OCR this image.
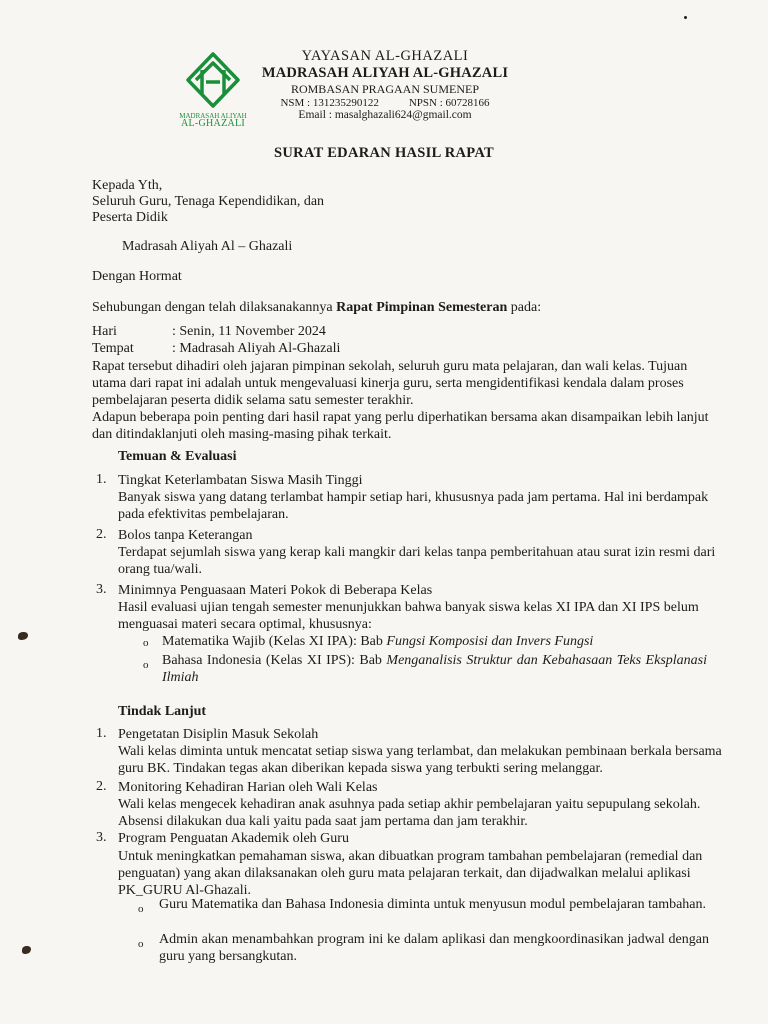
MADRASAH ALIYAH
AL-GHAZALI
YAYASAN AL-GHAZALI
MADRASAH ALIYAH AL-GHAZALI
ROMBASAN PRAGAAN SUMENEP
NSM : 131235290122	NPSN : 60728166
Email : masalghazali624@gmail.com
SURAT EDARAN HASIL RAPAT
Kepada Yth,
Seluruh Guru, Tenaga Kependidikan, dan
Peserta Didik
Madrasah Aliyah Al – Ghazali
Dengan Hormat
Sehubungan dengan telah dilaksanakannya Rapat Pimpinan Semesteran pada:
Hari	: Senin, 11 November 2024
Tempat	: Madrasah Aliyah Al-Ghazali
Rapat tersebut dihadiri oleh jajaran pimpinan sekolah, seluruh guru mata pelajaran, dan wali kelas. Tujuan utama dari rapat ini adalah untuk mengevaluasi kinerja guru, serta mengidentifikasi kendala dalam proses pembelajaran peserta didik selama satu semester terakhir.
Adapun beberapa poin penting dari hasil rapat yang perlu diperhatikan bersama akan disampaikan lebih lanjut dan ditindaklanjuti oleh masing-masing pihak terkait.
Temuan & Evaluasi
1. Tingkat Keterlambatan Siswa Masih Tinggi
Banyak siswa yang datang terlambat hampir setiap hari, khususnya pada jam pertama. Hal ini berdampak pada efektivitas pembelajaran.
2. Bolos tanpa Keterangan
Terdapat sejumlah siswa yang kerap kali mangkir dari kelas tanpa pemberitahuan atau surat izin resmi dari orang tua/wali.
3. Minimnya Penguasaan Materi Pokok di Beberapa Kelas
Hasil evaluasi ujian tengah semester menunjukkan bahwa banyak siswa kelas XI IPA dan XI IPS belum menguasai materi secara optimal, khususnya:
o Matematika Wajib (Kelas XI IPA): Bab Fungsi Komposisi dan Invers Fungsi
o Bahasa Indonesia (Kelas XI IPS): Bab Menganalisis Struktur dan Kebahasaan Teks Eksplanasi Ilmiah
Tindak Lanjut
1. Pengetatan Disiplin Masuk Sekolah
Wali kelas diminta untuk mencatat setiap siswa yang terlambat, dan melakukan pembinaan berkala bersama guru BK. Tindakan tegas akan diberikan kepada siswa yang terbukti sering melanggar.
2. Monitoring Kehadiran Harian oleh Wali Kelas
Wali kelas mengecek kehadiran anak asuhnya pada setiap akhir pembelajaran yaitu sepupulang sekolah. Absensi dilakukan dua kali yaitu pada saat jam pertama dan jam terakhir.
3. Program Penguatan Akademik oleh Guru
Untuk meningkatkan pemahaman siswa, akan dibuatkan program tambahan pembelajaran (remedial dan penguatan) yang akan dilaksanakan oleh guru mata pelajaran terkait, dan dijadwalkan melalui aplikasi PK_GURU Al-Ghazali.
o Guru Matematika dan Bahasa Indonesia diminta untuk menyusun modul pembelajaran tambahan.
o Admin akan menambahkan program ini ke dalam aplikasi dan mengkoordinasikan jadwal dengan guru yang bersangkutan.
